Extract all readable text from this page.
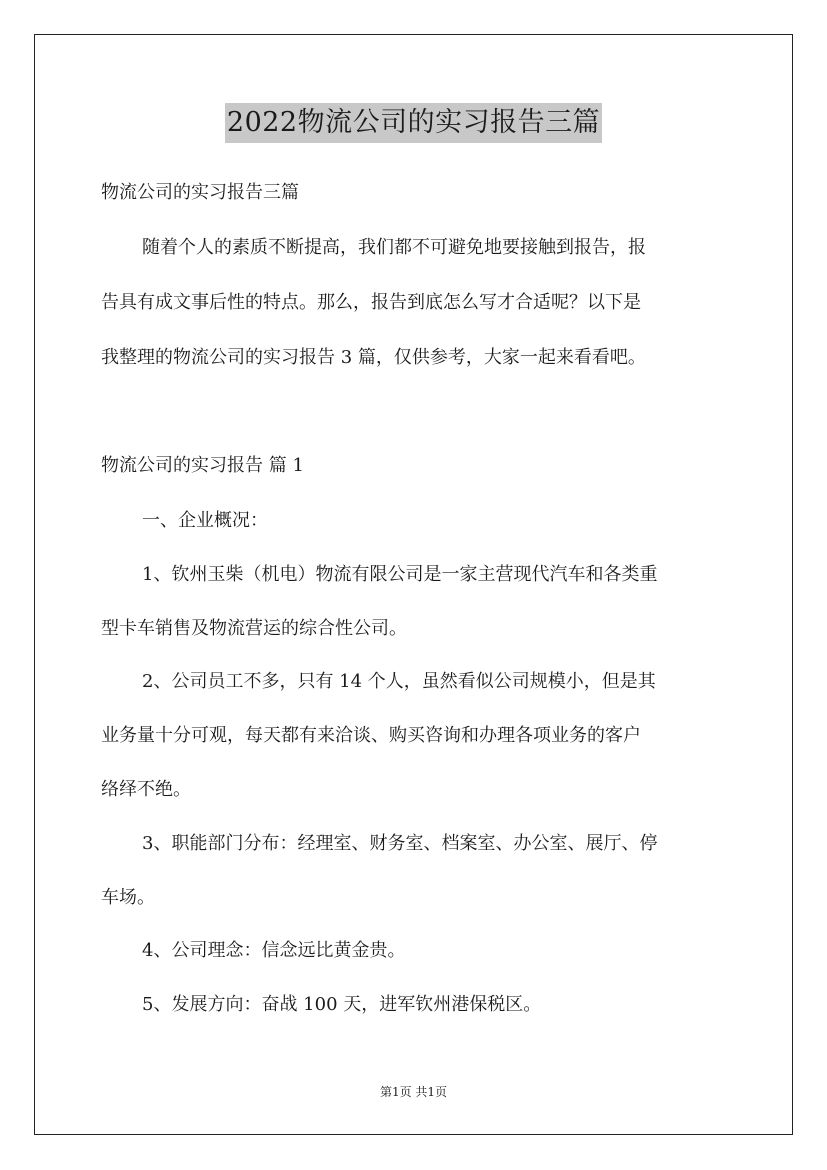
2022物流公司的实习报告三篇
物流公司的实习报告三篇
随着个人的素质不断提高，我们都不可避免地要接触到报告，报
告具有成文事后性的特点。那么，报告到底怎么写才合适呢？以下是
我整理的物流公司的实习报告 3 篇，仅供参考，大家一起来看看吧。
物流公司的实习报告 篇 1
一、企业概况：
1、钦州玉柴（机电）物流有限公司是一家主营现代汽车和各类重
型卡车销售及物流营运的综合性公司。
2、公司员工不多，只有 14 个人，虽然看似公司规模小，但是其
业务量十分可观，每天都有来洽谈、购买咨询和办理各项业务的客户
络绎不绝。
3、职能部门分布：经理室、财务室、档案室、办公室、展厅、停
车场。
4、公司理念：信念远比黄金贵。
5、发展方向：奋战 100 天，进军钦州港保税区。
第1页 共1页
